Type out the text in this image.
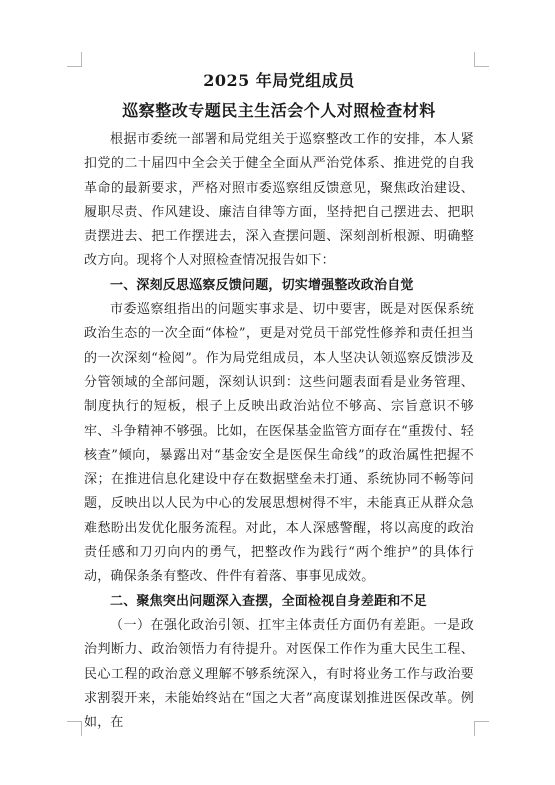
2025 年局党组成员

巡察整改专题民主生活会个人对照检查材料

根据市委统一部署和局党组关于巡察整改工作的安排，本人紧扣党的二十届四中全会关于健全全面从严治党体系、推进党的自我革命的最新要求，严格对照市委巡察组反馈意见，聚焦政治建设、履职尽责、作风建设、廉洁自律等方面，坚持把自己摆进去、把职责摆进去、把工作摆进去，深入查摆问题、深刻剖析根源、明确整改方向。现将个人对照检查情况报告如下：

一、深刻反思巡察反馈问题，切实增强整改政治自觉

市委巡察组指出的问题实事求是、切中要害，既是对医保系统政治生态的一次全面“体检”，更是对党员干部党性修养和责任担当的一次深刻“检阅”。作为局党组成员，本人坚决认领巡察反馈涉及分管领域的全部问题，深刻认识到：这些问题表面看是业务管理、制度执行的短板，根子上反映出政治站位不够高、宗旨意识不够牢、斗争精神不够强。比如，在医保基金监管方面存在“重拨付、轻核查”倾向，暴露出对“基金安全是医保生命线”的政治属性把握不深；在推进信息化建设中存在数据壁垒未打通、系统协同不畅等问题，反映出以人民为中心的发展思想树得不牢，未能真正从群众急难愁盼出发优化服务流程。对此，本人深感警醒，将以高度的政治责任感和刀刃向内的勇气，把整改作为践行“两个维护”的具体行动，确保条条有整改、件件有着落、事事见成效。

二、聚焦突出问题深入查摆，全面检视自身差距和不足

（一）在强化政治引领、扛牢主体责任方面仍有差距。一是政治判断力、政治领悟力有待提升。对医保工作作为重大民生工程、民心工程的政治意义理解不够系统深入，有时将业务工作与政治要求割裂开来，未能始终站在“国之大者”高度谋划推进医保改革。例如，在
